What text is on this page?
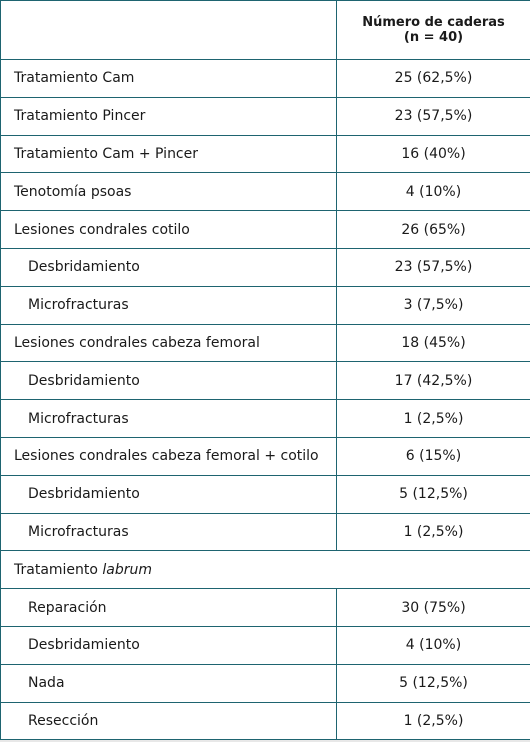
	Número de caderas
(n = 40)
Tratamiento Cam	25 (62,5%)
Tratamiento Pincer	23 (57,5%)
Tratamiento Cam + Pincer	16 (40%)
Tenotomía psoas	4 (10%)
Lesiones condrales cotilo	26 (65%)
Desbridamiento	23 (57,5%)
Microfracturas	3 (7,5%)
Lesiones condrales cabeza femoral	18 (45%)
Desbridamiento	17 (42,5%)
Microfracturas	1 (2,5%)
Lesiones condrales cabeza femoral + cotilo	6 (15%)
Desbridamiento	5 (12,5%)
Microfracturas	1 (2,5%)
Tratamiento labrum	
Reparación	30 (75%)
Desbridamiento	4 (10%)
Nada	5 (12,5%)
Resección	1 (2,5%)
